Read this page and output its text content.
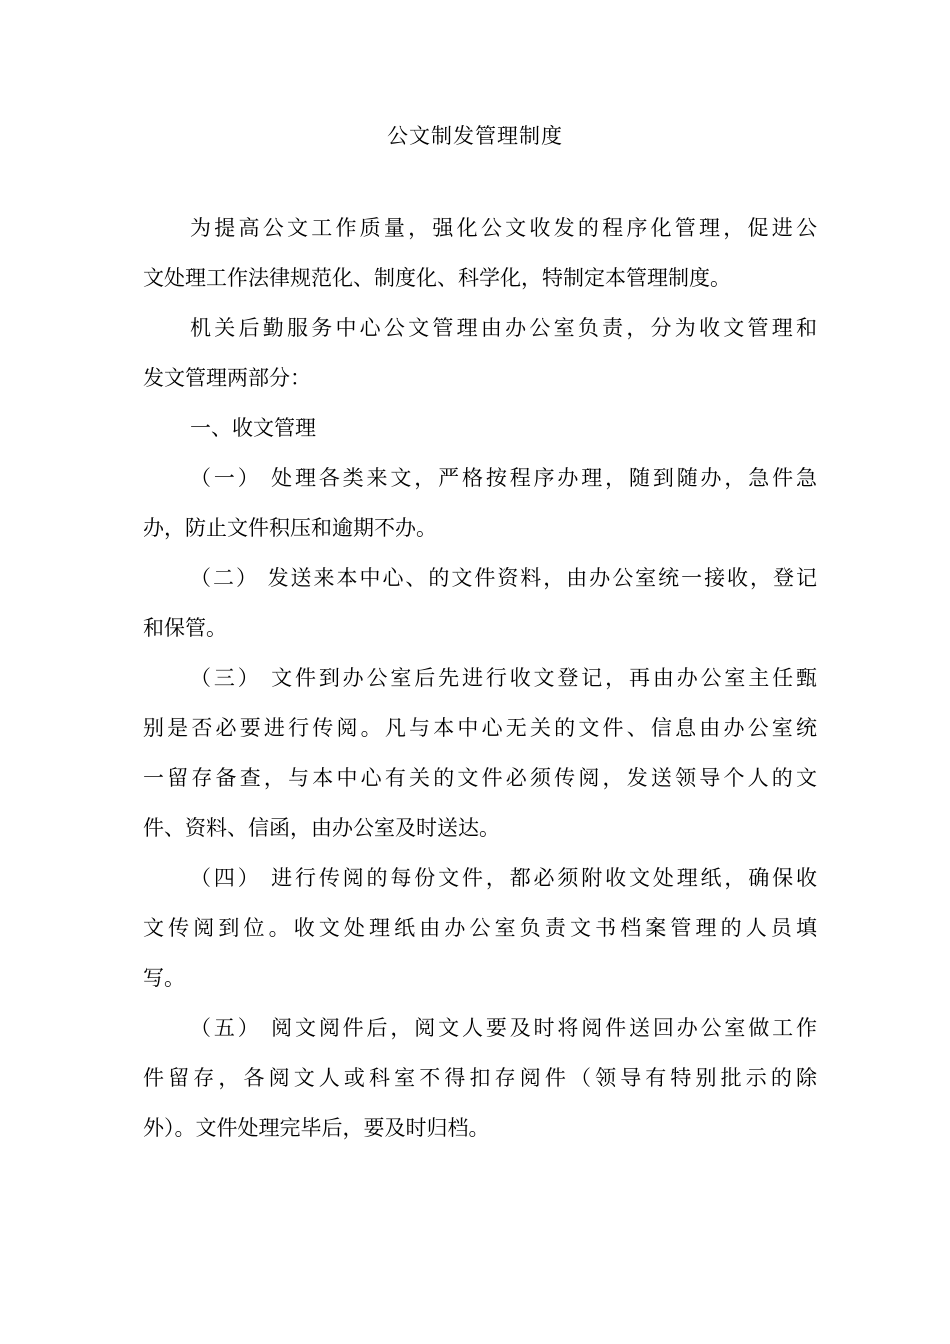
公文制发管理制度
为提高公文工作质量，强化公文收发的程序化管理，促进公
文处理工作法律规范化、制度化、科学化，特制定本管理制度。
机关后勤服务中心公文管理由办公室负责，分为收文管理和
发文管理两部分：
一、收文管理
（一） 处理各类来文，严格按程序办理，随到随办，急件急
办，防止文件积压和逾期不办。
（二） 发送来本中心、的文件资料，由办公室统一接收，登记
和保管。
（三） 文件到办公室后先进行收文登记，再由办公室主任甄
别是否必要进行传阅。凡与本中心无关的文件、信息由办公室统
一留存备查，与本中心有关的文件必须传阅，发送领导个人的文
件、资料、信函，由办公室及时送达。
（四） 进行传阅的每份文件，都必须附收文处理纸，确保收
文传阅到位。收文处理纸由办公室负责文书档案管理的人员填
写。
（五） 阅文阅件后，阅文人要及时将阅件送回办公室做工作
件留存，各阅文人或科室不得扣存阅件（领导有特别批示的除
外）。文件处理完毕后，要及时归档。
